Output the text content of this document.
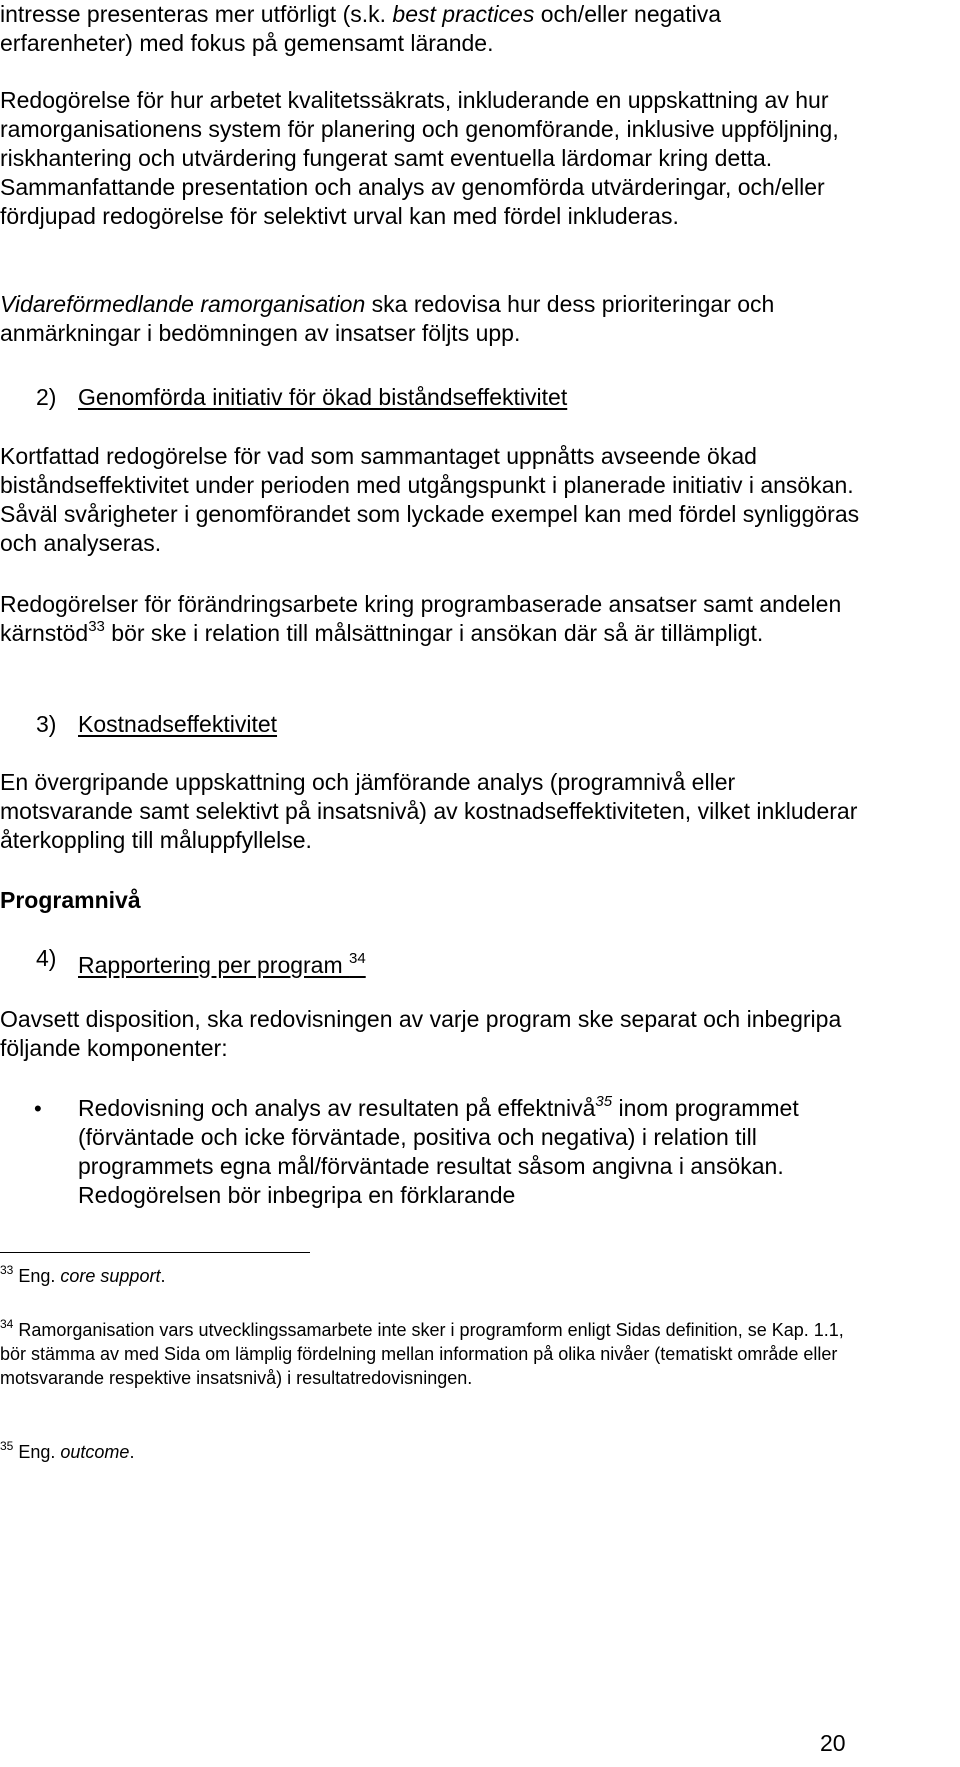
intresse presenteras mer utförligt (s.k. best practices och/eller negativa erfarenheter) med fokus på gemensamt lärande.

Redogörelse för hur arbetet kvalitetssäkrats, inkluderande en uppskattning av hur ramorganisationens system för planering och genomförande, inklusive uppföljning, riskhantering och utvärdering fungerat samt eventuella lärdomar kring detta. Sammanfattande presentation och analys av genomförda utvärderingar, och/eller fördjupad redogörelse för selektivt urval kan med fördel inkluderas.

Vidareförmedlande ramorganisation ska redovisa hur dess prioriteringar och anmärkningar i bedömningen av insatser följts upp.

2) Genomförda initiativ för ökad biståndseffektivitet

Kortfattad redogörelse för vad som sammantaget uppnåtts avseende ökad biståndseffektivitet under perioden med utgångspunkt i planerade initiativ i ansökan. Såväl svårigheter i genomförandet som lyckade exempel kan med fördel synliggöras och analyseras.

Redogörelser för förändringsarbete kring programbaserade ansatser samt andelen kärnstöd$^{33}$ bör ske i relation till målsättningar i ansökan där så är tillämpligt.

3) Kostnadseffektivitet

En övergripande uppskattning och jämförande analys (programnivå eller motsvarande samt selektivt på insatsnivå) av kostnadseffektiviteten, vilket inkluderar återkoppling till måluppfyllelse.

Programnivå

4) Rapportering per program $^{34}$

Oavsett disposition, ska redovisningen av varje program ske separat och inbegripa följande komponenter:

• Redovisning och analys av resultaten på effektnivå$^{35}$ inom programmet (förväntade och icke förväntade, positiva och negativa) i relation till programmets egna mål/förväntade resultat såsom angivna i ansökan. Redogörelsen bör inbegripa en förklarande

$^{33}$ Eng. core support.

$^{34}$ Ramorganisation vars utvecklingssamarbete inte sker i programform enligt Sidas definition, se Kap. 1.1, bör stämma av med Sida om lämplig fördelning mellan information på olika nivåer (tematiskt område eller motsvarande respektive insatsnivå) i resultatredovisningen.

$^{35}$ Eng. outcome.

20
